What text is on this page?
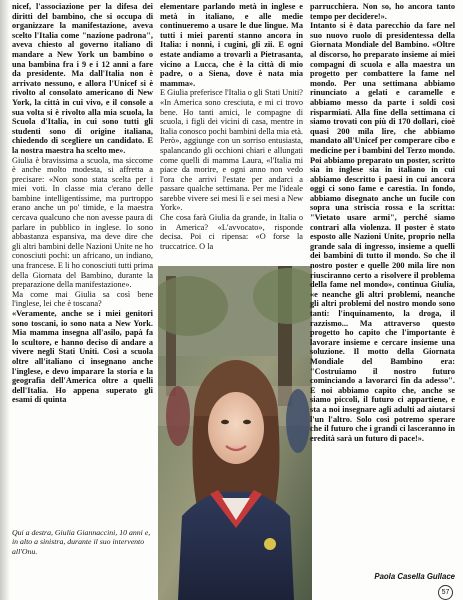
nicef, l'associazione per la difesa dei diritti del bambino, che si occupa di organizzare la manifestazione, aveva scelto l'Italia come "nazione padrona", aveva chiesto al governo italiano di mandare a New York un bambino o una bambina fra i 9 e i 12 anni a fare da presidente. Ma dall'Italia non è arrivato nessuno, e allora l'Unicef si è rivolto al consolato americano di New York, la città in cui vivo, e il console a sua volta si è rivolto alla mia scuola, la Scuola d'Italia, in cui sono tutti gli studenti sono di origine italiana, chiedendo di scegliere un candidato. E la nostra maestra ha scelto me».

Giulia è bravissima a scuola, ma siccome è anche molto modesta, si affretta a precisare: «Non sono stata scelta per i miei voti. In classe mia c'erano delle bambine intelligentissime, ma purtroppo erano anche un po' timide, e la maestra cercava qualcuno che non avesse paura di parlare in pubblico in inglese. Io sono abbastanza espansiva, ma deve dire che gli altri bambini delle Nazioni Unite ne ho conosciuti pochi: un africano, un indiano, una francese. E li ho conosciuti tutti prima della Giornata del Bambino, durante la preparazione della manifestazione».

Ma come mai Giulia sa così bene l'inglese, lei che è toscana?

«Veramente, anche se i miei genitori sono toscani, io sono nata a New York. Mia mamma insegna all'asilo, papà fa lo scultore, e hanno deciso di andare a vivere negli Stati Uniti. Così a scuola oltre all'italiano ci insegnano anche l'inglese, e devo imparare la storia e la geografia dell'America oltre a quelli dell'Italia. Ho appena superato gli esami di quinta

Qui a destra, Giulia Giannaccini, 10 anni e, in alto a sinistra, durante il suo intervento all'Onu.

elementare parlando metà in inglese e metà in italiano, e alle medie continueremo a usare le due lingue. Ma tutti i miei parenti stanno ancora in Italia: i nonni, i cugini, gli zii. E ogni estate andiamo a trovarli a Pietrasanta, vicino a Lucca, che è la città di mio padre, o a Siena, dove è nata mia mamma».

E Giulia preferisce l'Italia o gli Stati Uniti? «In America sono cresciuta, e mi ci trovo bene. Ho tanti amici, le compagne di scuola, i figli dei vicini di casa, mentre in Italia conosco pochi bambini della mia età. Però», aggiunge con un sorriso entusiasta, spalancando gli occhioni chiari e allungati come quelli di mamma Laura, «l'Italia mi piace da morire, e ogni anno non vedo l'ora che arrivi l'estate per andarci a passare qualche settimana. Per me l'ideale sarebbe vivere sei mesi lì e sei mesi a New York».

Che cosa farà Giulia da grande, in Italia o in America? «L'avvocato», risponde decisa. Poi ci ripensa: «O forse la truccatrice. O la

parrucchiera. Non so, ho ancora tanto tempo per decidere!».

Intanto si è data parecchio da fare nel suo nuovo ruolo di presidentessa della Giornata Mondiale del Bambino. «Oltre al discorso, ho preparato insieme ai miei compagni di scuola e alla maestra un progetto per combattere la fame nel mondo. Per una settimana abbiamo rinunciato a gelati e caramelle e abbiamo messo da parte i soldi così risparmiati. Alla fine della settimana ci siamo trovati con più di 170 dollari, cioè quasi 200 mila lire, che abbiamo mandato all'Unicef per comperare cibo e medicine per i bambini del Terzo mondo. Poi abbiamo preparato un poster, scritto sia in inglese sia in italiano in cui abbiamo descritto i paesi in cui ancora oggi ci sono fame e carestia. In fondo, abbiamo disegnato anche un fucile con sopra una striscia rossa e la scritta: "Vietato usare armi", perché siamo contrari alla violenza. Il poster è stato esposto alle Nazioni Unite, proprio nella grande sala di ingresso, insieme a quelli dei bambini di tutto il mondo. So che il nostro poster e quelle 200 mila lire non riusciranno certo a risolvere il problema della fame nel mondo», continua Giulia, «e neanche gli altri problemi, neanche gli altri problemi del nostro mondo sono tanti: l'inquinamento, la droga, il razzismo... Ma attraverso questo progetto ho capito che l'importante è lavorare insieme e cercare insieme una soluzione. Il motto della Giornata Mondiale del Bambino era: "Costruiamo il nostro futuro cominciando a lavorarci fin da adesso". E noi abbiamo capito che, anche se siamo piccoli, il futuro ci appartiene, e sta a noi insegnare agli adulti ad aiutarsi l'un l'altro. Solo così potremo sperare che il futuro che i grandi ci lasceranno in eredità sarà un futuro di pace!».

Paola Casella Gullace
57
